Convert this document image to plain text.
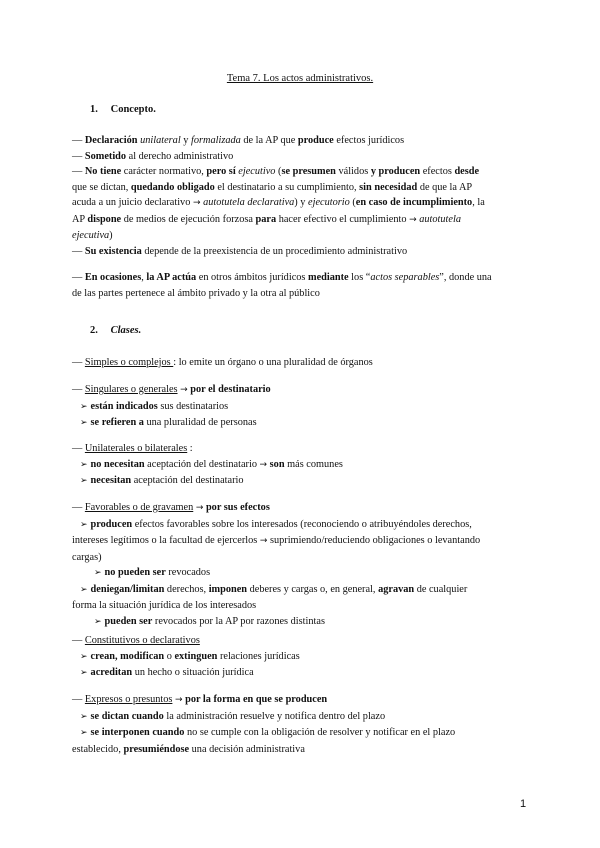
Tema 7. Los actos administrativos.
1. Concepto.
— Declaración unilateral y formalizada de la AP que produce efectos jurídicos
— Sometido al derecho administrativo
— No tiene carácter normativo, pero sí ejecutivo (se presumen válidos y producen efectos desde
que se dictan, quedando obligado el destinatario a su cumplimiento, sin necesidad de que la AP
acuda a un juicio declarativo → autotutela declarativa) y ejecutorio (en caso de incumplimiento, la
AP dispone de medios de ejecución forzosa para hacer efectivo el cumplimiento → autotutela
ejecutiva)
— Su existencia depende de la preexistencia de un procedimiento administrativo
— En ocasiones, la AP actúa en otros ámbitos jurídicos mediante los “actos separables”, donde una
de las partes pertenece al ámbito privado y la otra al público
2. Clases.
— Simples o complejos : lo emite un órgano o una pluralidad de órganos
— Singulares o generales → por el destinatario
➢ están indicados sus destinatarios
➢ se refieren a una pluralidad de personas
— Unilaterales o bilaterales :
➢ no necesitan aceptación del destinatario → son más comunes
➢ necesitan aceptación del destinatario
— Favorables o de gravamen → por sus efectos
➢ producen efectos favorables sobre los interesados (reconociendo o atribuyéndoles derechos,
intereses legítimos o la facultad de ejercerlos → suprimiendo/reduciendo obligaciones o levantando
cargas)
➢ no pueden ser revocados
➢ deniegan/limitan derechos, imponen deberes y cargas o, en general, agravan de cualquier
forma la situación jurídica de los interesados
➢ pueden ser revocados por la AP por razones distintas
— Constitutivos o declarativos
➢ crean, modifican o extinguen relaciones jurídicas
➢ acreditan un hecho o situación jurídica
— Expresos o presuntos → por la forma en que se producen
➢ se dictan cuando la administración resuelve y notifica dentro del plazo
➢ se interponen cuando no se cumple con la obligación de resolver y notificar en el plazo
establecido, presumiéndose una decisión administrativa
1
